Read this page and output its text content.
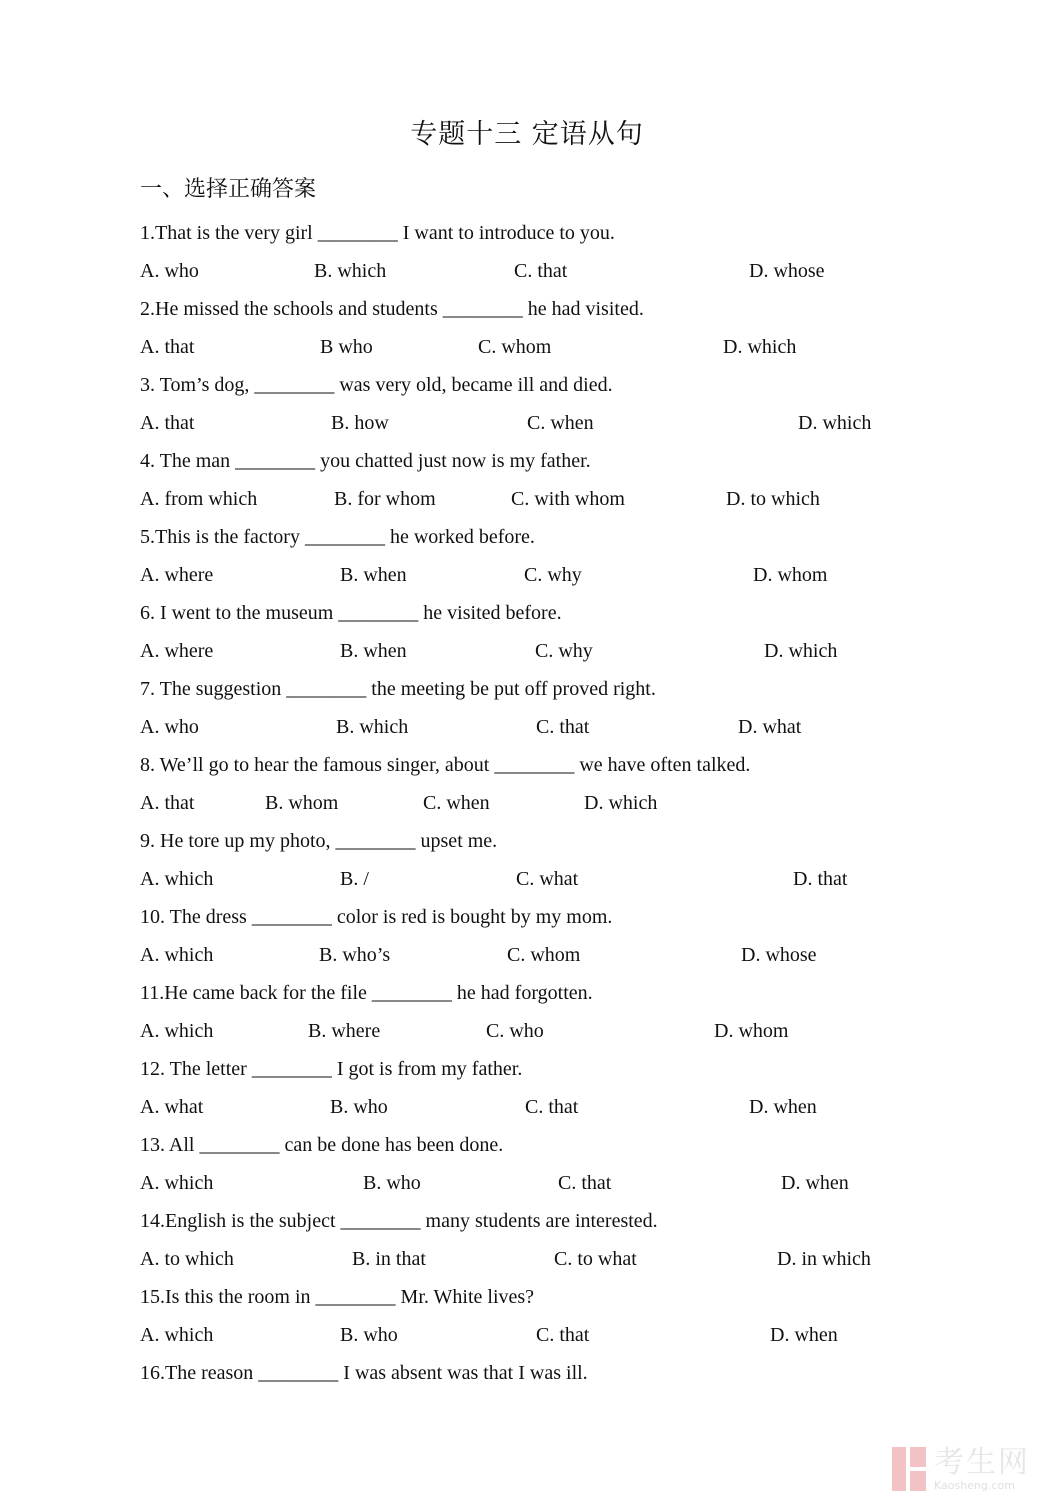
专题十三 定语从句
一、选择正确答案
1.That is the very girl ________ I want to introduce to you.
A. who	B. which	C. that	D. whose
2.He missed the schools and students ________ he had visited.
A. that	B who	C. whom	D. which
3. Tom’s dog, ________ was very old, became ill and died.
A. that	B. how	C. when	D. which
4. The man ________ you chatted just now is my father.
A. from which	B. for whom	C. with whom	D. to which
5.This is the factory ________ he worked before.
A. where	B. when	C. why	D. whom
6. I went to the museum ________ he visited before.
A. where	B. when	C. why	D. which
7. The suggestion ________ the meeting be put off proved right.
A. who	B. which	C. that	D. what
8. We’ll go to hear the famous singer, about ________ we have often talked.
A. that	B. whom	C. when	D. which
9. He tore up my photo, ________ upset me.
A. which	B. /	C. what	D. that
10. The dress ________ color is red is bought by my mom.
A. which	B. who’s	C. whom	D. whose
11.He came back for the file ________ he had forgotten.
A. which	B. where	C. who	D. whom
12. The letter ________ I got is from my father.
A. what	B. who	C. that	D. when
13. All ________ can be done has been done.
A. which	B. who	C. that	D. when
14.English is the subject ________ many students are interested.
A. to which	B. in that	C. to what	D. in which
15.Is this the room in ________ Mr. White lives?
A. which	B. who	C. that	D. when
16.The reason ________ I was absent was that I was ill.
考生网
Kaosheng.com
